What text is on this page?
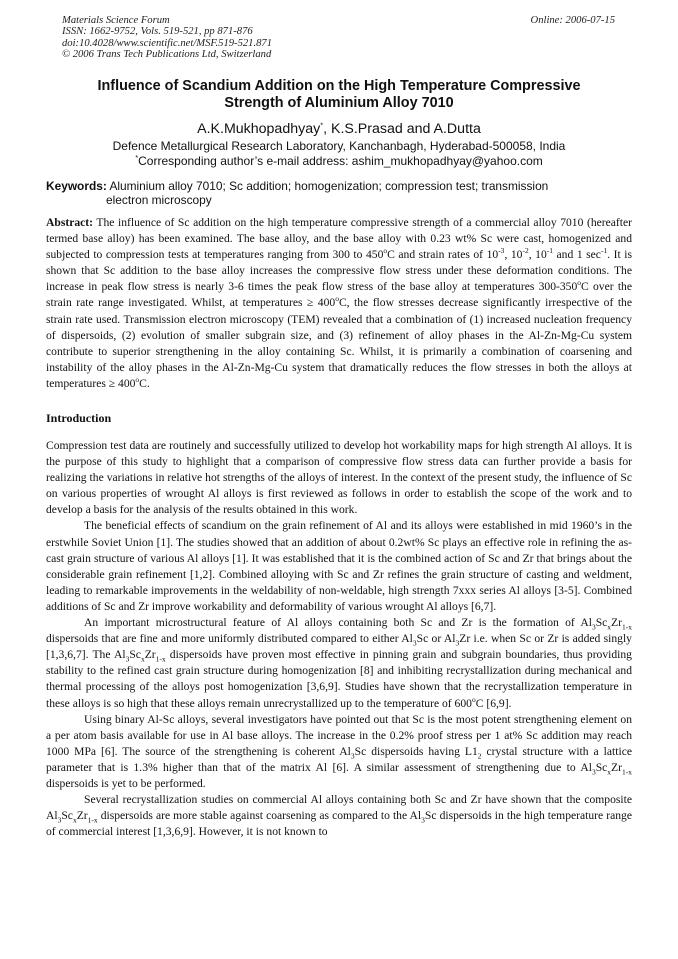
Materials Science Forum
ISSN: 1662-9752, Vols. 519-521, pp 871-876
doi:10.4028/www.scientific.net/MSF.519-521.871
© 2006 Trans Tech Publications Ltd, Switzerland
Online: 2006-07-15
Influence of Scandium Addition on the High Temperature Compressive
Strength of Aluminium Alloy 7010
A.K.Mukhopadhyay*, K.S.Prasad and A.Dutta
Defence Metallurgical Research Laboratory, Kanchanbagh, Hyderabad-500058, India
*Corresponding author’s e-mail address: ashim_mukhopadhyay@yahoo.com
Keywords: Aluminium alloy 7010; Sc addition; homogenization; compression test; transmission
electron microscopy

Abstract: The influence of Sc addition on the high temperature compressive strength of a commercial alloy 7010 (hereafter termed base alloy) has been examined. The base alloy, and the base alloy with 0.23 wt% Sc were cast, homogenized and subjected to compression tests at temperatures ranging from 300 to 450$^o$C and strain rates of $10^{-3}$, $10^{-2}$, $10^{-1}$ and 1 $\sec^{-1}$. It is shown that Sc addition to the base alloy increases the compressive flow stress under these deformation conditions. The increase in peak flow stress is nearly 3-6 times the peak flow stress of the base alloy at temperatures 300-350$^o$C over the strain rate range investigated. Whilst, at temperatures ≥ $400^oC$, the flow stresses decrease significantly irrespective of the strain rate used. Transmission electron microscopy (TEM) revealed that a combination of (1) increased nucleation frequency of dispersoids, (2) evolution of smaller subgrain size, and (3) refinement of alloy phases in the Al-Zn-Mg-Cu system contribute to superior strengthening in the alloy containing Sc. Whilst, it is primarily a combination of coarsening and instability of the alloy phases in the Al-Zn-Mg-Cu system that dramatically reduces the flow stresses in both the alloys at temperatures ≥ $400^oC$.

Introduction

Compression test data are routinely and successfully utilized to develop hot workability maps for high strength Al alloys. It is the purpose of this study to highlight that a comparison of compressive flow stress data can further provide a basis for realizing the variations in relative hot strengths of the alloys of interest. In the context of the present study, the influence of Sc on various properties of wrought Al alloys is first reviewed as follows in order to establish the scope of the work and to develop a basis for the analysis of the results obtained in this work.

The beneficial effects of scandium on the grain refinement of Al and its alloys were established in mid 1960’s in the erstwhile Soviet Union [1]. The studies showed that an addition of about 0.2wt% Sc plays an effective role in refining the as-cast grain structure of various Al alloys [1]. It was established that it is the combined action of Sc and Zr that brings about the considerable grain refinement [1,2]. Combined alloying with Sc and Zr refines the grain structure of casting and weldment, leading to remarkable improvements in the weldability of non-weldable, high strength 7xxx series Al alloys [3-5]. Combined additions of Sc and Zr improve workability and deformability of various wrought Al alloys [6,7].

An important microstructural feature of Al alloys containing both Sc and Zr is the formation of $Al_3Sc_xZr_{1-x}$ dispersoids that are fine and more uniformly distributed compared to either $Al_3Sc$ or $Al_3Zr$ i.e. when Sc or Zr is added singly [1,3,6,7]. The $Al_3Sc_xZr_{1-x}$ dispersoids have proven most effective in pinning grain and subgrain boundaries, thus providing stability to the refined cast grain structure during homogenization [8] and inhibiting recrystallization during mechanical and thermal processing of the alloys post homogenization [3,6,9]. Studies have shown that the recrystallization temperature in these alloys is so high that these alloys remain unrecrystallized up to the temperature of 600$^o$C [6,9].

Using binary Al-Sc alloys, several investigators have pointed out that Sc is the most potent strengthening element on a per atom basis available for use in Al base alloys. The increase in the 0.2% proof stress per 1 at% Sc addition may reach 1000 MPa [6]. The source of the strengthening is coherent $Al_3Sc$ dispersoids having $L1_2$ crystal structure with a lattice parameter that is 1.3% higher than that of the matrix Al [6]. A similar assessment of strengthening due to $Al_3Sc_xZr_{1-x}$ dispersoids is yet to be performed.

Several recrystallization studies on commercial Al alloys containing both Sc and Zr have shown that the composite $Al_3Sc_xZr_{1-x}$ dispersoids are more stable against coarsening as compared to the $Al_3Sc$ dispersoids in the high temperature range of commercial interest [1,3,6,9]. However, it is not known to
